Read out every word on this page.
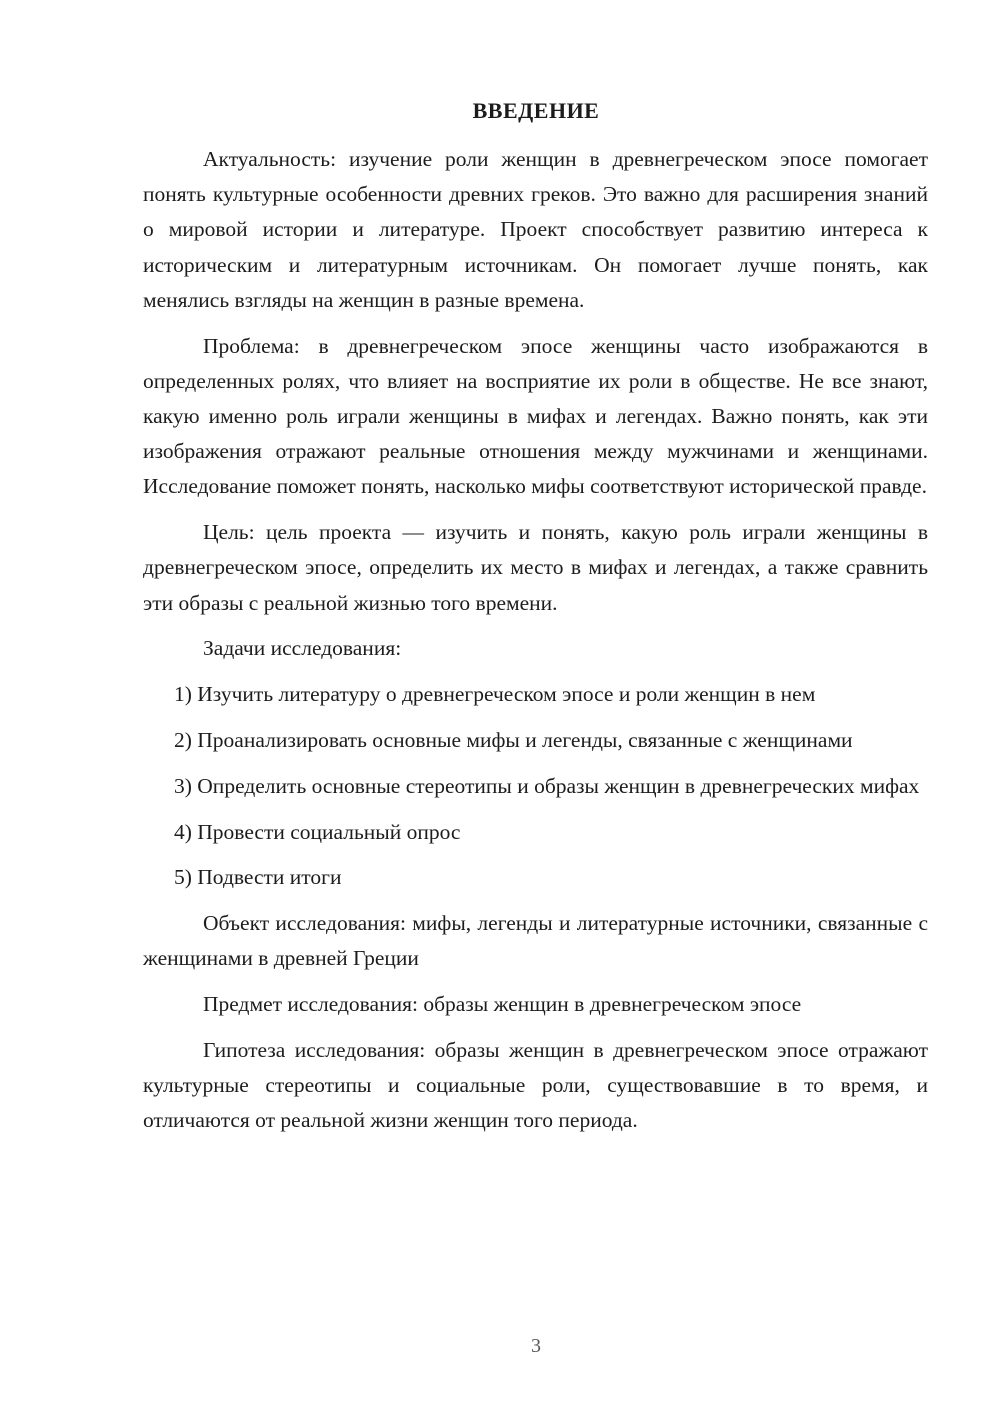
ВВЕДЕНИЕ

Актуальность: изучение роли женщин в древнегреческом эпосе помогает понять культурные особенности древних греков. Это важно для расширения знаний о мировой истории и литературе. Проект способствует развитию интереса к историческим и литературным источникам. Он помогает лучше понять, как менялись взгляды на женщин в разные времена.

Проблема: в древнегреческом эпосе женщины часто изображаются в определенных ролях, что влияет на восприятие их роли в обществе. Не все знают, какую именно роль играли женщины в мифах и легендах. Важно понять, как эти изображения отражают реальные отношения между мужчинами и женщинами. Исследование поможет понять, насколько мифы соответствуют исторической правде.

Цель: цель проекта — изучить и понять, какую роль играли женщины в древнегреческом эпосе, определить их место в мифах и легендах, а также сравнить эти образы с реальной жизнью того времени.

Задачи исследования:

1) Изучить литературу о древнегреческом эпосе и роли женщин в нем

2) Проанализировать основные мифы и легенды, связанные с женщинами

3) Определить основные стереотипы и образы женщин в древнегреческих мифах

4) Провести социальный опрос

5) Подвести итоги

Объект исследования: мифы, легенды и литературные источники, связанные с женщинами в древней Греции

Предмет исследования: образы женщин в древнегреческом эпосе

Гипотеза исследования: образы женщин в древнегреческом эпосе отражают культурные стереотипы и социальные роли, существовавшие в то время, и отличаются от реальной жизни женщин того периода.

3
